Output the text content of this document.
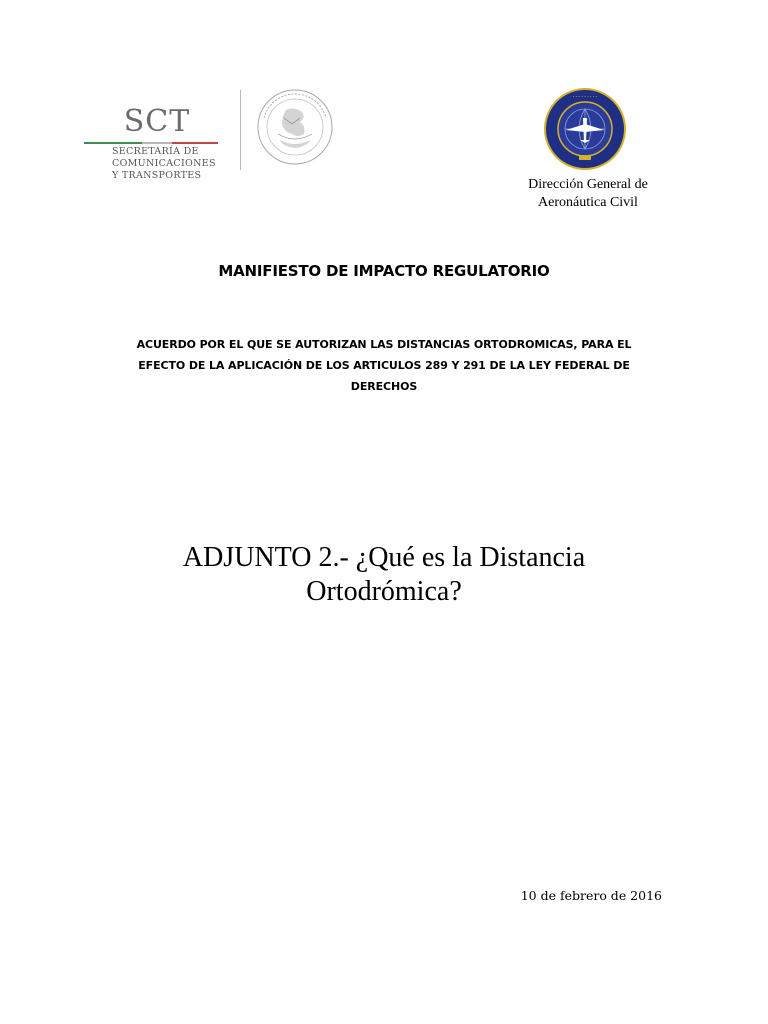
SCT
SECRETARÍA DE
COMUNICACIONES
Y TRANSPORTES
· · · · · · · · ·
Dirección General de
Aeronáutica Civil
MANIFIESTO DE IMPACTO REGULATORIO
ACUERDO POR EL QUE SE AUTORIZAN LAS DISTANCIAS ORTODROMICAS, PARA EL
EFECTO DE LA APLICACIÓN DE LOS ARTICULOS 289 Y 291 DE LA LEY FEDERAL DE
DERECHOS
ADJUNTO 2.- ¿Qué es la Distancia
Ortodrómica?
10 de febrero de 2016
